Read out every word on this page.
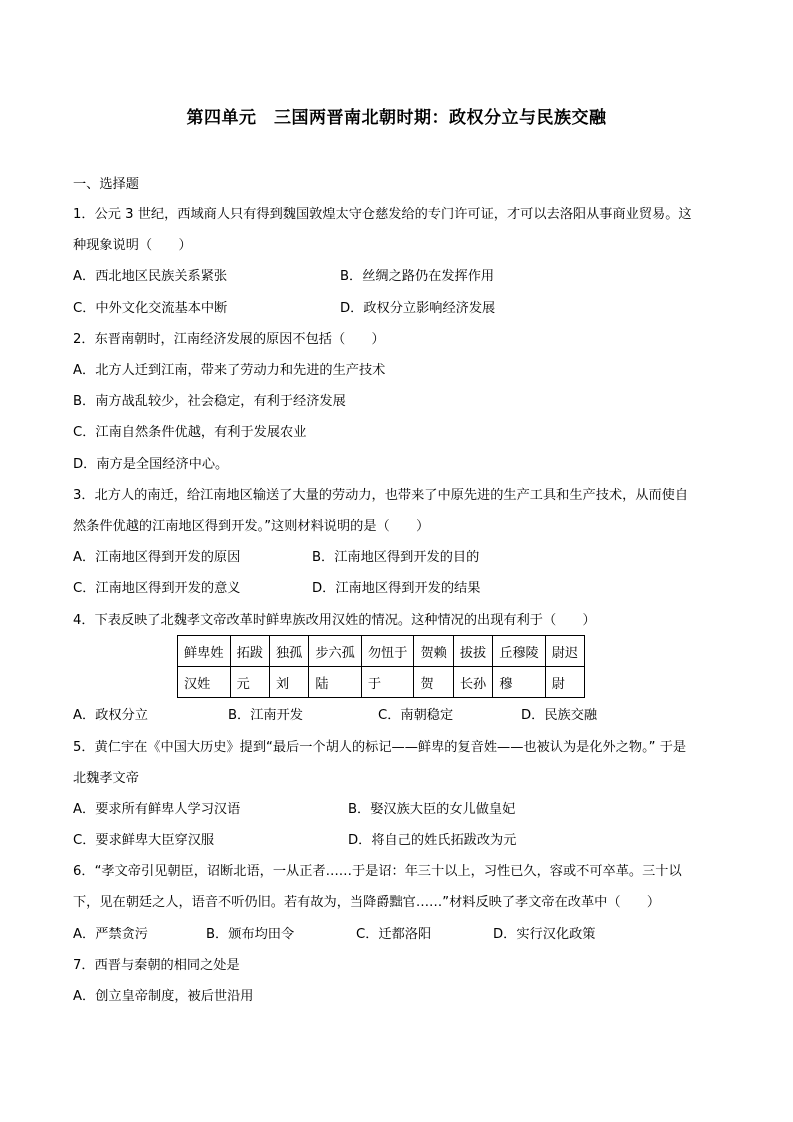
第四单元　三国两晋南北朝时期：政权分立与民族交融
一、选择题
1．公元 3 世纪，西域商人只有得到魏国敦煌太守仓慈发给的专门许可证，才可以去洛阳从事商业贸易。这
种现象说明（　　）
A．西北地区民族关系紧张	B．丝绸之路仍在发挥作用
C．中外文化交流基本中断	D．政权分立影响经济发展
2．东晋南朝时，江南经济发展的原因不包括（　　）
A．北方人迁到江南，带来了劳动力和先进的生产技术
B．南方战乱较少，社会稳定，有利于经济发展
C．江南自然条件优越，有利于发展农业
D．南方是全国经济中心。
3．北方人的南迁，给江南地区输送了大量的劳动力，也带来了中原先进的生产工具和生产技术，从而使自
然条件优越的江南地区得到开发。”这则材料说明的是（　　）
A．江南地区得到开发的原因	B．江南地区得到开发的目的
C．江南地区得到开发的意义	D．江南地区得到开发的结果
4．下表反映了北魏孝文帝改革时鲜卑族改用汉姓的情况。这种情况的出现有利于（　　）
鲜卑姓	拓跋	独孤	步六孤	勿忸于	贺赖	拔拔	丘穆陵	尉迟
汉姓	元	刘	陆	于	贺	长孙	穆	尉
A．政权分立	B．江南开发	C．南朝稳定	D．民族交融
5．黄仁宇在《中国大历史》提到“最后一个胡人的标记——鲜卑的复音姓——也被认为是化外之物。” 于是
北魏孝文帝
A．要求所有鲜卑人学习汉语	B．娶汉族大臣的女儿做皇妃
C．要求鲜卑大臣穿汉服	D．将自己的姓氏拓跋改为元
6．“孝文帝引见朝臣，诏断北语，一从正者……于是诏：年三十以上，习性已久，容或不可卒革。三十以
下，见在朝廷之人，语音不听仍旧。若有故为，当降爵黜官……”材料反映了孝文帝在改革中（　　）
A．严禁贪污	B．颁布均田令	C．迁都洛阳	D．实行汉化政策
7．西晋与秦朝的相同之处是
A．创立皇帝制度，被后世沿用
